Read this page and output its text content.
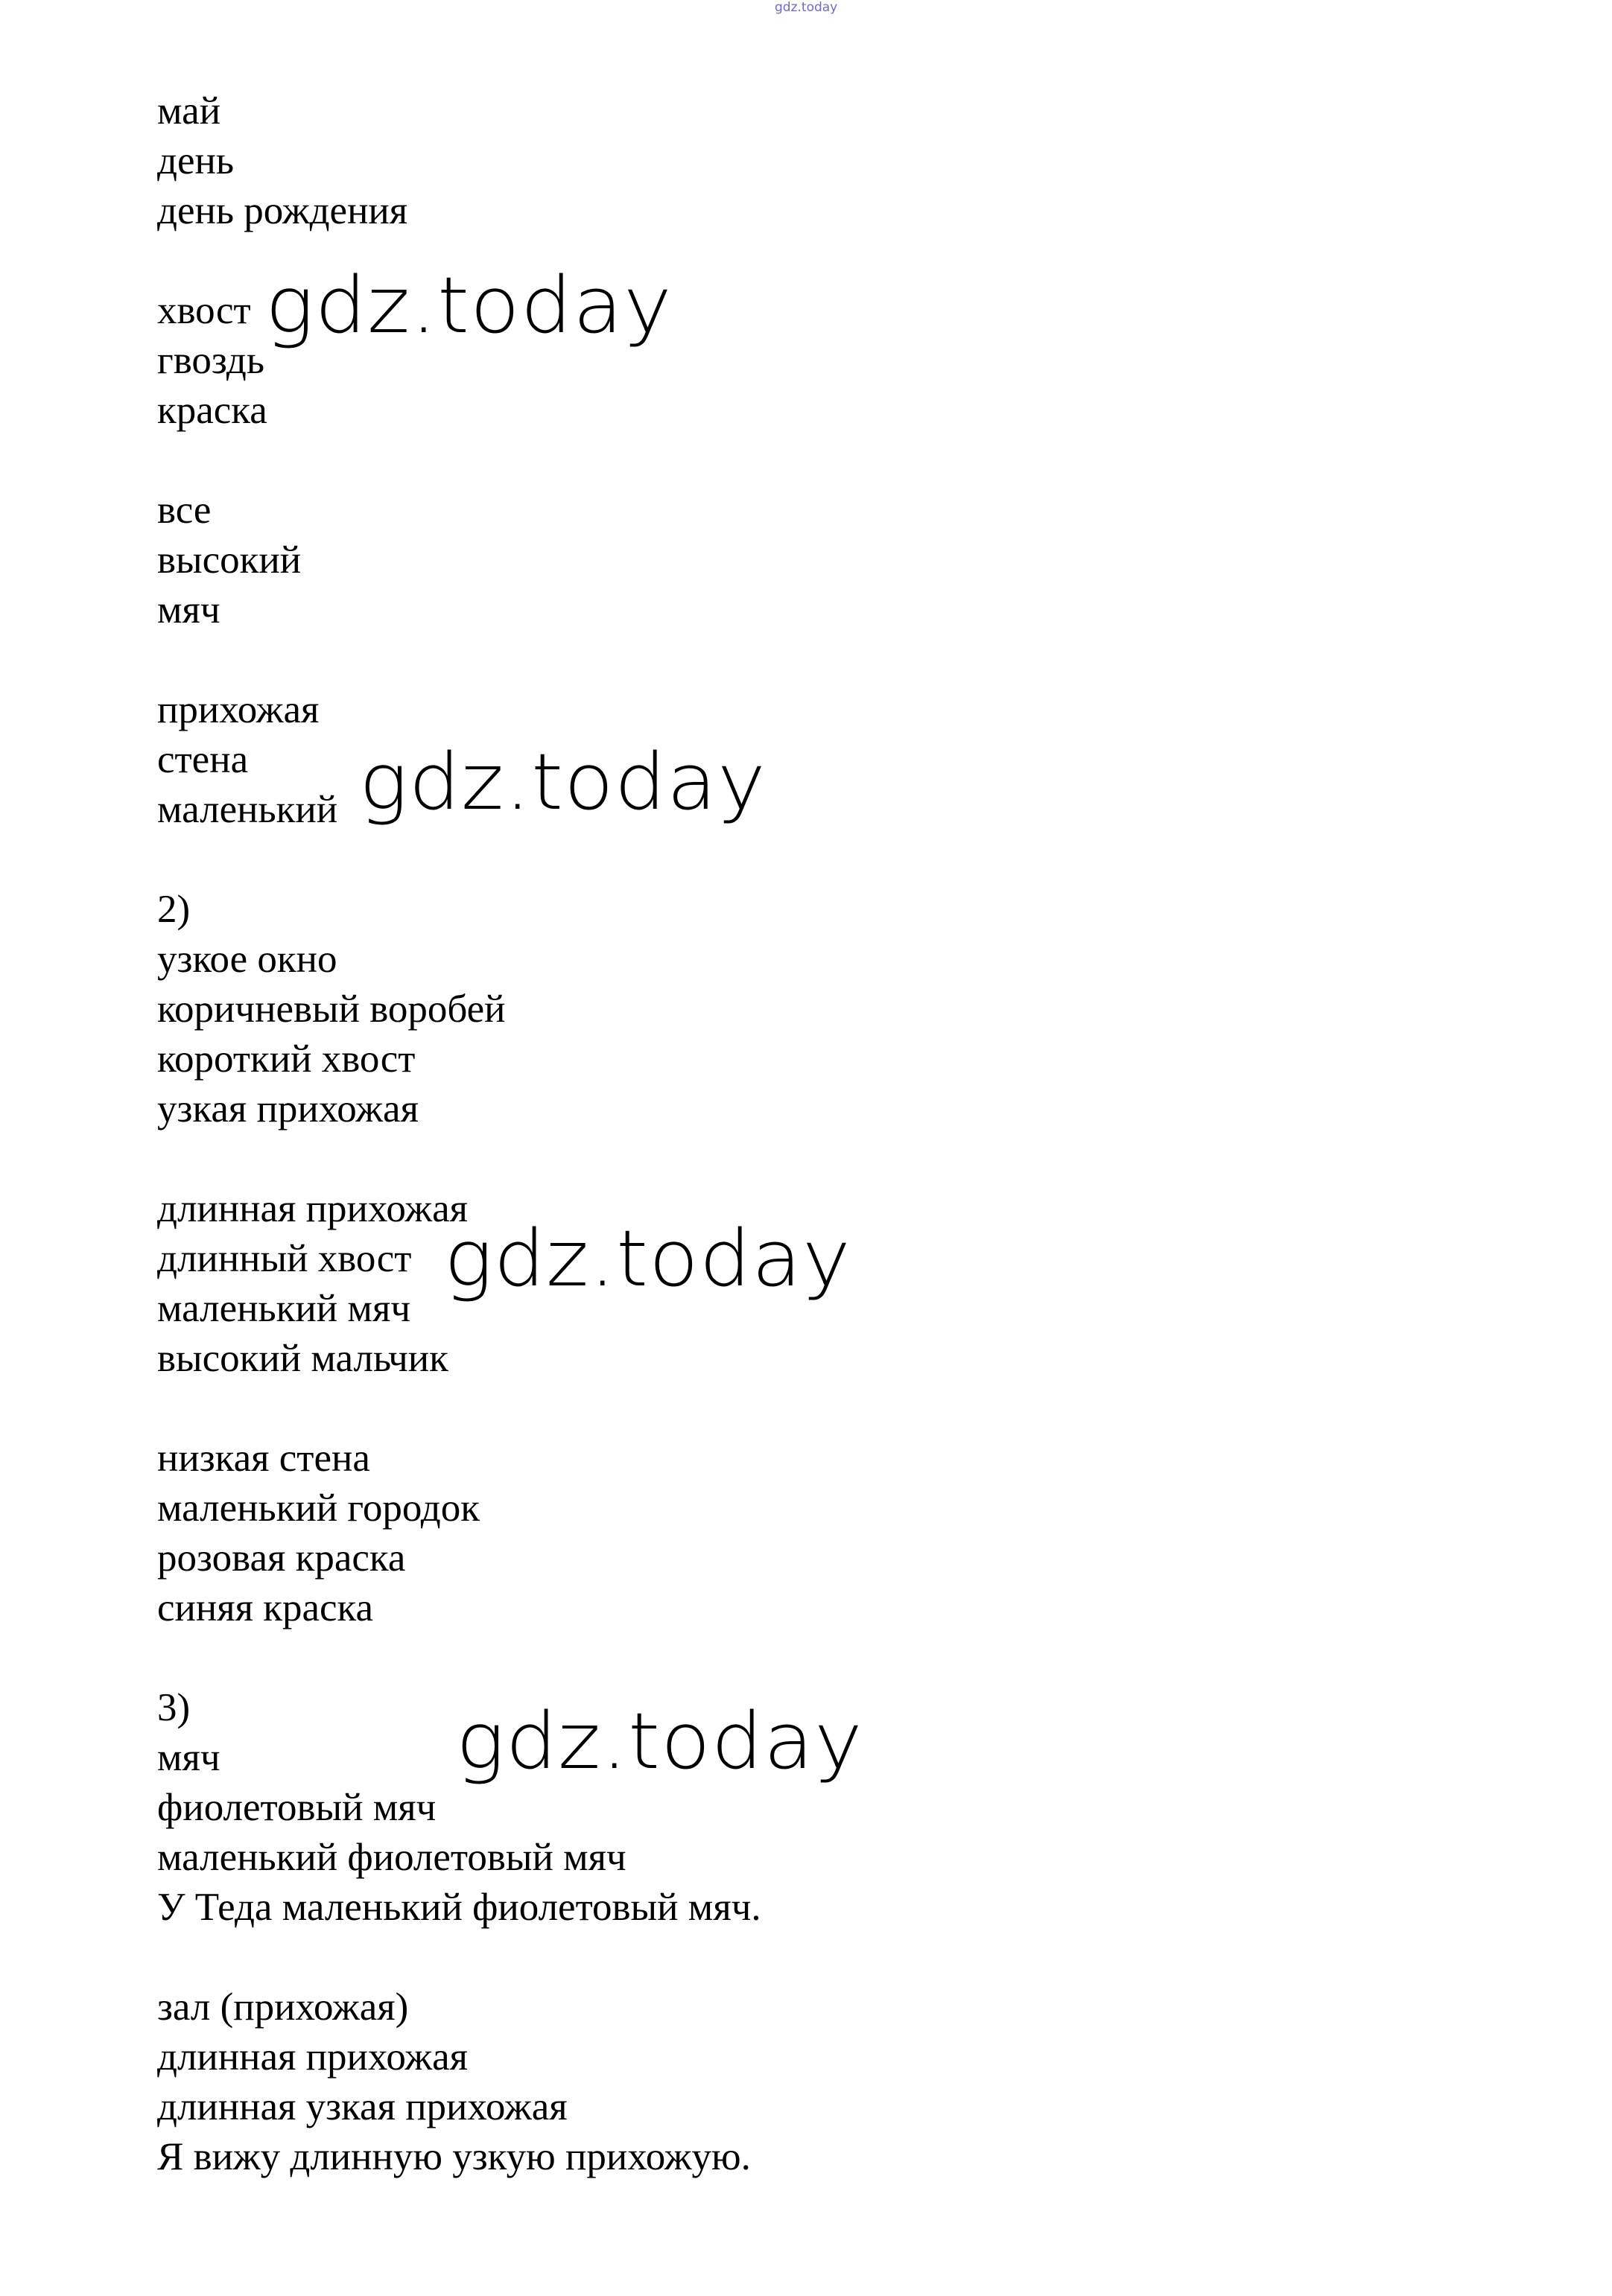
gdz.today
май
день
день рождения
хвост
гвоздь
краска
все
высокий
мяч
прихожая
стена
маленький
2)
узкое окно
коричневый воробей
короткий хвост
узкая прихожая
длинная прихожая
длинный хвост
маленький мяч
высокий мальчик
низкая стена
маленький городок
розовая краска
синяя краска
3)
мяч
фиолетовый мяч
маленький фиолетовый мяч
У Теда маленький фиолетовый мяч.
зал (прихожая)
длинная прихожая
длинная узкая прихожая
Я вижу длинную узкую прихожую.
gdz.today
gdz.today
gdz.today
gdz.today
